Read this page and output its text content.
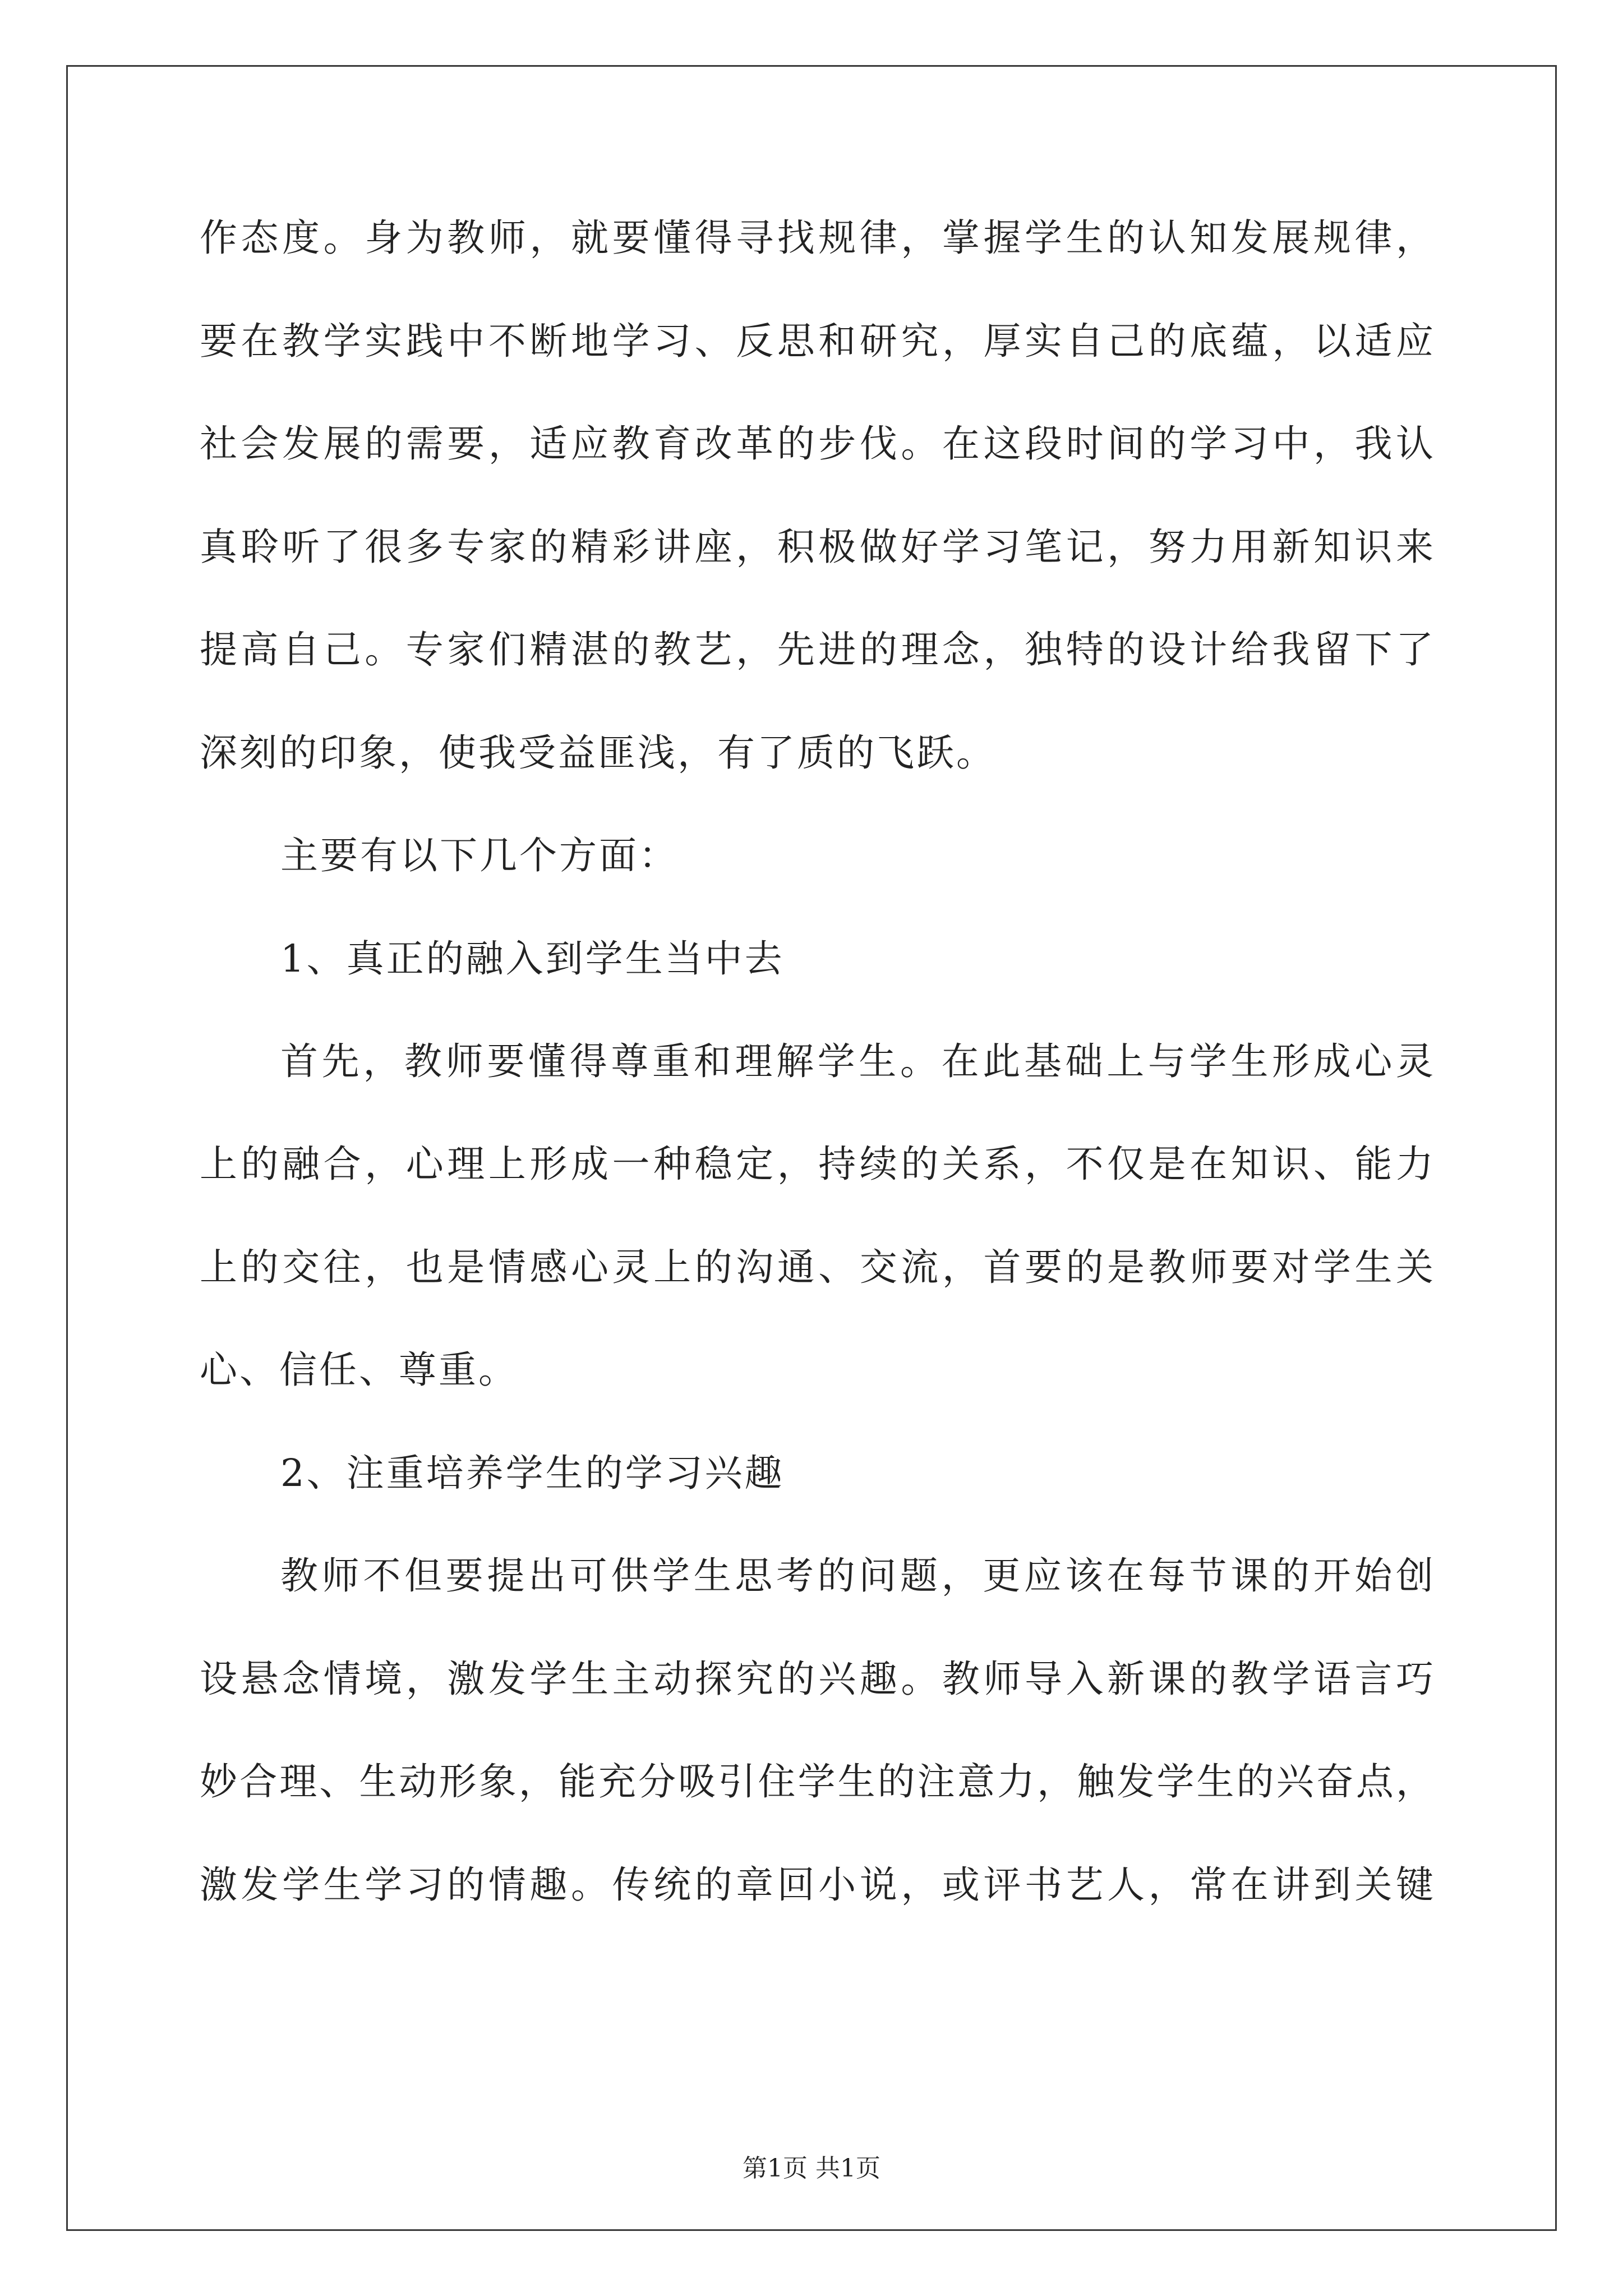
作态度。身为教师，就要懂得寻找规律，掌握学生的认知发展规律，
要在教学实践中不断地学习、反思和研究，厚实自己的底蕴，以适应
社会发展的需要，适应教育改革的步伐。在这段时间的学习中，我认
真聆听了很多专家的精彩讲座，积极做好学习笔记，努力用新知识来
提高自己。专家们精湛的教艺，先进的理念，独特的设计给我留下了
深刻的印象，使我受益匪浅，有了质的飞跃。
主要有以下几个方面：
1、真正的融入到学生当中去
首先，教师要懂得尊重和理解学生。在此基础上与学生形成心灵
上的融合，心理上形成一种稳定，持续的关系，不仅是在知识、能力
上的交往，也是情感心灵上的沟通、交流，首要的是教师要对学生关
心、信任、尊重。
2、注重培养学生的学习兴趣
教师不但要提出可供学生思考的问题，更应该在每节课的开始创
设悬念情境，激发学生主动探究的兴趣。教师导入新课的教学语言巧
妙合理、生动形象，能充分吸引住学生的注意力，触发学生的兴奋点，
激发学生学习的情趣。传统的章回小说，或评书艺人，常在讲到关键
第1页 共1页
